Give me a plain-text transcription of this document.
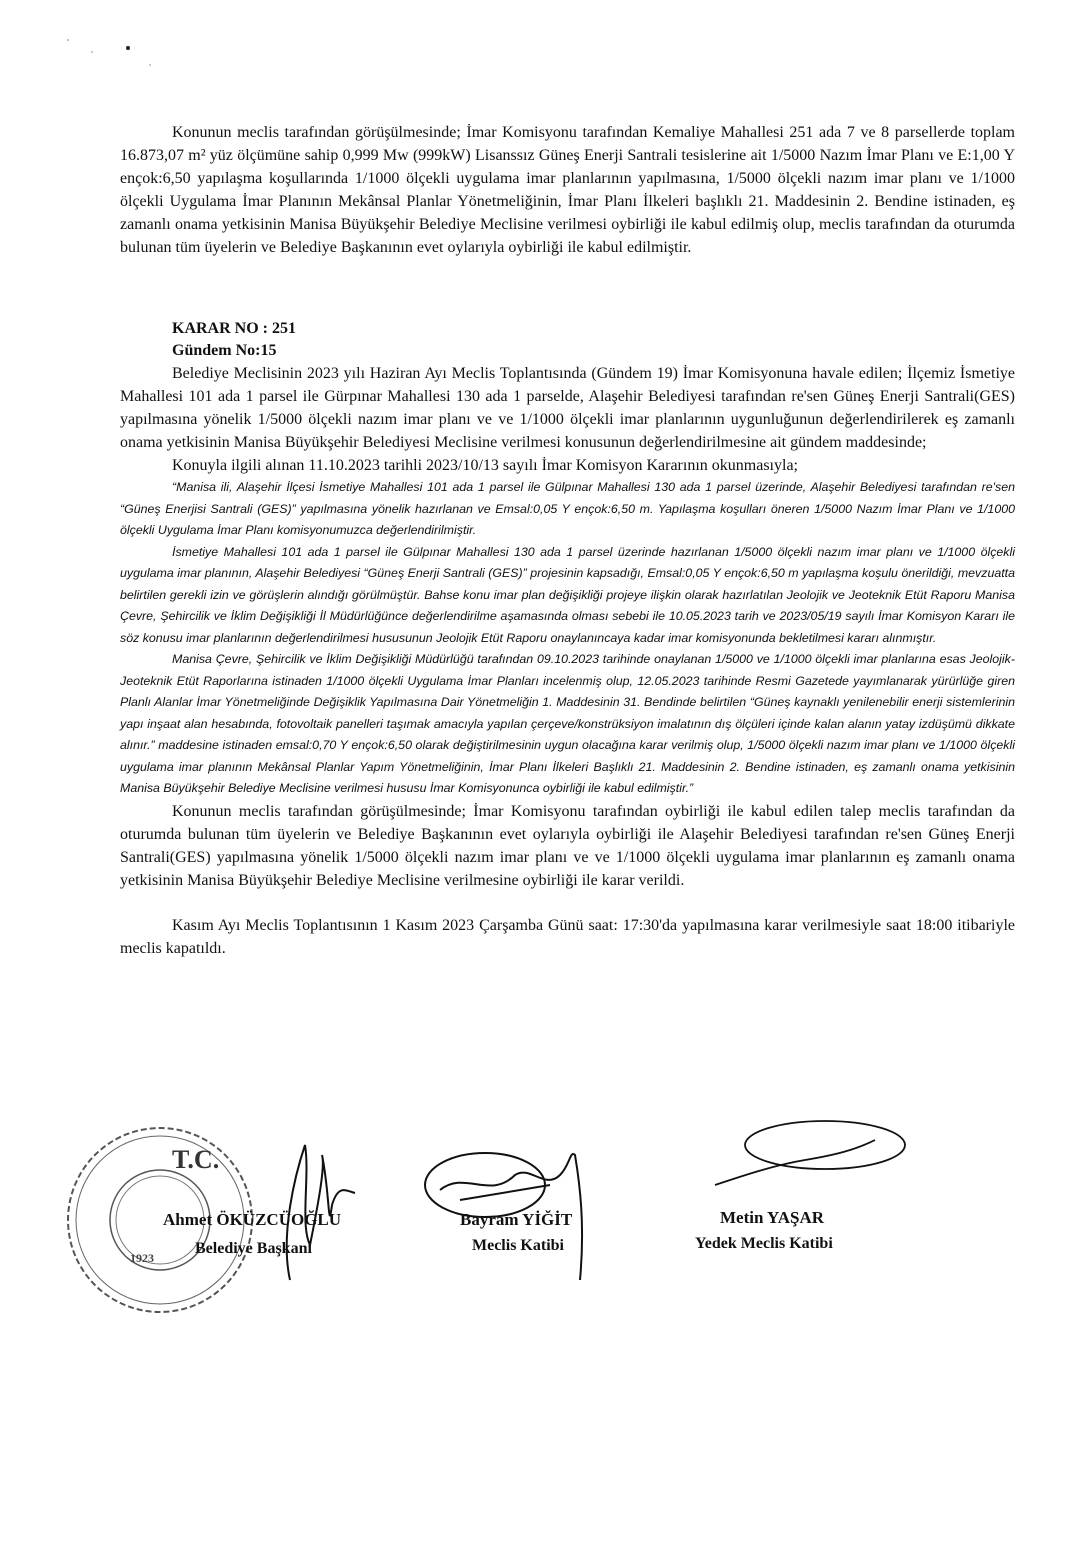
Konunun meclis tarafından görüşülmesinde; İmar Komisyonu tarafından Kemaliye Mahallesi 251 ada 7 ve 8 parsellerde toplam 16.873,07 m² yüz ölçümüne sahip 0,999 Mw (999kW) Lisanssız Güneş Enerji Santrali tesislerine ait 1/5000 Nazım İmar Planı ve E:1,00 Y ençok:6,50 yapılaşma koşullarında 1/1000 ölçekli uygulama imar planlarının yapılmasına, 1/5000 ölçekli nazım imar planı ve 1/1000 ölçekli Uygulama İmar Planının Mekânsal Planlar Yönetmeliğinin, İmar Planı İlkeleri başlıklı 21. Maddesinin 2. Bendine istinaden, eş zamanlı onama yetkisinin Manisa Büyükşehir Belediye Meclisine verilmesi oybirliği ile kabul edilmiş olup, meclis tarafından da oturumda bulunan tüm üyelerin ve Belediye Başkanının evet oylarıyla oybirliği ile kabul edilmiştir.

KARAR NO : 251

Gündem No:15

Belediye Meclisinin 2023 yılı Haziran Ayı Meclis Toplantısında (Gündem 19) İmar Komisyonuna havale edilen; İlçemiz İsmetiye Mahallesi 101 ada 1 parsel ile Gürpınar Mahallesi 130 ada 1 parselde, Alaşehir Belediyesi tarafından re'sen Güneş Enerji Santrali(GES) yapılmasına yönelik 1/5000 ölçekli nazım imar planı ve ve 1/1000 ölçekli imar planlarının uygunluğunun değerlendirilerek eş zamanlı onama yetkisinin Manisa Büyükşehir Belediyesi Meclisine verilmesi konusunun değerlendirilmesine ait gündem maddesinde;

Konuyla ilgili alınan 11.10.2023 tarihli 2023/10/13 sayılı İmar Komisyon Kararının okunmasıyla;

“Manisa ili, Alaşehir İlçesi İsmetiye Mahallesi 101 ada 1 parsel ile Gülpınar Mahallesi 130 ada 1 parsel üzerinde, Alaşehir Belediyesi tarafından re'sen “Güneş Enerjisi Santrali (GES)” yapılmasına yönelik hazırlanan ve Emsal:0,05 Y ençok:6,50 m. Yapılaşma koşulları öneren 1/5000 Nazım İmar Planı ve 1/1000 ölçekli Uygulama İmar Planı komisyonumuzca değerlendirilmiştir.

İsmetiye Mahallesi 101 ada 1 parsel ile Gülpınar Mahallesi 130 ada 1 parsel üzerinde hazırlanan 1/5000 ölçekli nazım imar planı ve 1/1000 ölçekli uygulama imar planının, Alaşehir Belediyesi “Güneş Enerji Santrali (GES)” projesinin kapsadığı, Emsal:0,05 Y ençok:6,50 m yapılaşma koşulu önerildiği, mevzuatta belirtilen gerekli izin ve görüşlerin alındığı görülmüştür. Bahse konu imar plan değişikliği projeye ilişkin olarak hazırlatılan Jeolojik ve Jeoteknik Etüt Raporu Manisa Çevre, Şehircilik ve İklim Değişikliği İl Müdürlüğünce değerlendirilme aşamasında olması sebebi ile 10.05.2023 tarih ve 2023/05/19 sayılı İmar Komisyon Kararı ile söz konusu imar planlarının değerlendirilmesi hususunun Jeolojik Etüt Raporu onaylanıncaya kadar imar komisyonunda bekletilmesi kararı alınmıştır.

Manisa Çevre, Şehircilik ve İklim Değişikliği Müdürlüğü tarafından 09.10.2023 tarihinde onaylanan 1/5000 ve 1/1000 ölçekli imar planlarına esas Jeolojik-Jeoteknik Etüt Raporlarına istinaden 1/1000 ölçekli Uygulama İmar Planları incelenmiş olup, 12.05.2023 tarihinde Resmi Gazetede yayımlanarak yürürlüğe giren Planlı Alanlar İmar Yönetmeliğinde Değişiklik Yapılmasına Dair Yönetmeliğin 1. Maddesinin 31. Bendinde belirtilen “Güneş kaynaklı yenilenebilir enerji sistemlerinin yapı inşaat alan hesabında, fotovoltaik panelleri taşımak amacıyla yapılan çerçeve/konstrüksiyon imalatının dış ölçüleri içinde kalan alanın yatay izdüşümü dikkate alınır.” maddesine istinaden emsal:0,70 Y ençok:6,50 olarak değiştirilmesinin uygun olacağına karar verilmiş olup, 1/5000 ölçekli nazım imar planı ve 1/1000 ölçekli uygulama imar planının Mekânsal Planlar Yapım Yönetmeliğinin, İmar Planı İlkeleri Başlıklı 21. Maddesinin 2. Bendine istinaden, eş zamanlı onama yetkisinin Manisa Büyükşehir Belediye Meclisine verilmesi hususu İmar Komisyonunca oybirliği ile kabul edilmiştir.”

Konunun meclis tarafından görüşülmesinde; İmar Komisyonu tarafından oybirliği ile kabul edilen talep meclis tarafından da oturumda bulunan tüm üyelerin ve Belediye Başkanının evet oylarıyla oybirliği ile Alaşehir Belediyesi tarafından re'sen Güneş Enerji Santrali(GES) yapılmasına yönelik 1/5000 ölçekli nazım imar planı ve ve 1/1000 ölçekli uygulama imar planlarının eş zamanlı onama yetkisinin Manisa Büyükşehir Belediye Meclisine verilmesine oybirliği ile karar verildi.

Kasım Ayı Meclis Toplantısının 1 Kasım 2023 Çarşamba Günü saat: 17:30'da yapılmasına karar verilmesiyle saat 18:00 itibariyle meclis kapatıldı.

T.C.
1923
Ahmet ÖKÜZCÜOĞLU
Belediye Başkanı
Bayram YİĞİT
Meclis Katibi
Metin YAŞAR
Yedek Meclis Katibi
